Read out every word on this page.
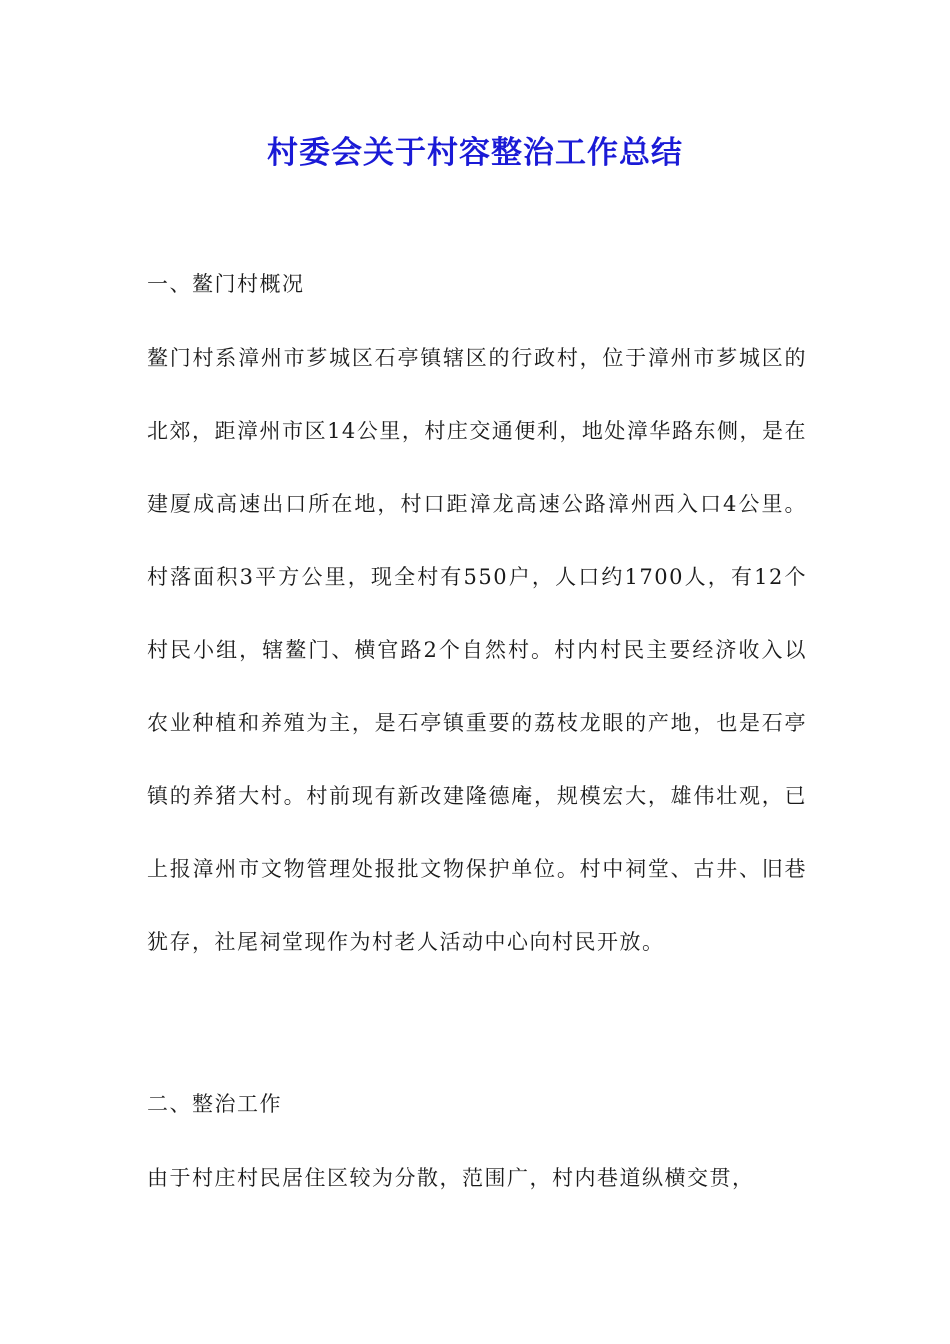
村委会关于村容整治工作总结

一、鳌门村概况

鳌门村系漳州市芗城区石亭镇辖区的行政村，位于漳州市芗城区的北郊，距漳州市区14公里，村庄交通便利，地处漳华路东侧，是在建厦成高速出口所在地，村口距漳龙高速公路漳州西入口4公里。村落面积3平方公里，现全村有550户，人口约1700人，有12个村民小组，辖鳌门、横官路2个自然村。村内村民主要经济收入以农业种植和养殖为主，是石亭镇重要的荔枝龙眼的产地，也是石亭镇的养猪大村。村前现有新改建隆德庵，规模宏大，雄伟壮观，已上报漳州市文物管理处报批文物保护单位。村中祠堂、古井、旧巷犹存，社尾祠堂现作为村老人活动中心向村民开放。

二、整治工作

由于村庄村民居住区较为分散，范围广，村内巷道纵横交贯，
